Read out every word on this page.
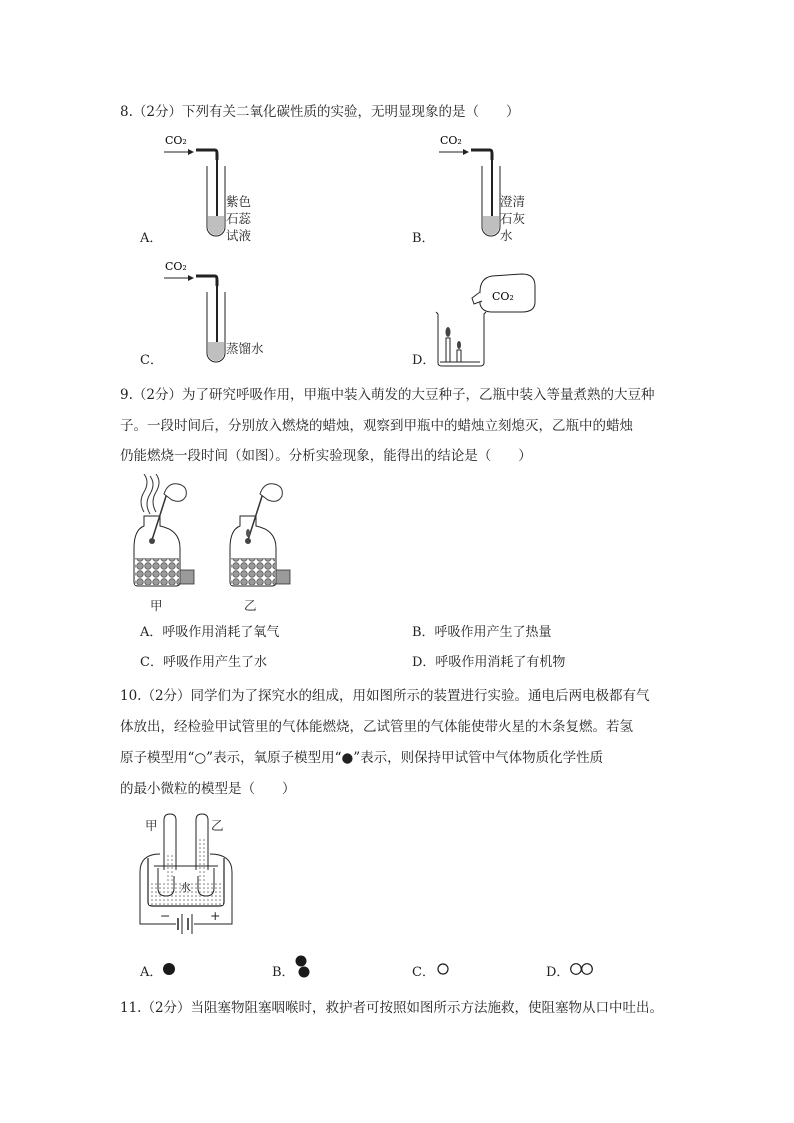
8.（2分）下列有关二氧化碳性质的实验，无明显现象的是（　　）
CO₂
A．
紫色
石蕊
试液
CO₂
B．
澄清
石灰
水
CO₂
C．
蒸馏水
CO₂
D．
9.（2分）为了研究呼吸作用，甲瓶中装入萌发的大豆种子，乙瓶中装入等量煮熟的大豆种
子。一段时间后，分别放入燃烧的蜡烛，观察到甲瓶中的蜡烛立刻熄灭，乙瓶中的蜡烛
仍能燃烧一段时间（如图）。分析实验现象，能得出的结论是（　　）
甲	乙
A．呼吸作用消耗了氧气	B．呼吸作用产生了热量
C．呼吸作用产生了水	D．呼吸作用消耗了有机物
10.（2分）同学们为了探究水的组成，用如图所示的装置进行实验。通电后两电极都有气
体放出，经检验甲试管里的气体能燃烧，乙试管里的气体能使带火星的木条复燃。若氢
原子模型用“○”表示，氧原子模型用“●”表示，则保持甲试管中气体物质化学性质
的最小微粒的模型是（　　）
甲	乙
水
−	+
A．	B．	C．	D．
11.（2分）当阻塞物阻塞咽喉时，救护者可按照如图所示方法施救，使阻塞物从口中吐出。
